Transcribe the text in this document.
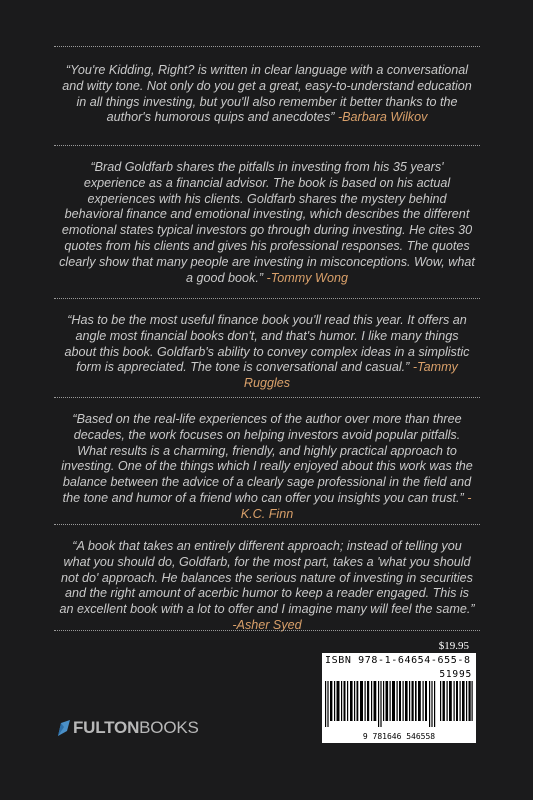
“You're Kidding, Right? is written in clear language with a conversational and witty tone. Not only do you get a great, easy-to-understand education in all things investing, but you'll also remember it better thanks to the author's humorous quips and anecdotes” -Barbara Wilkov
“Brad Goldfarb shares the pitfalls in investing from his 35 years' experience as a financial advisor. The book is based on his actual experiences with his clients. Goldfarb shares the mystery behind behavioral finance and emotional investing, which describes the different emotional states typical investors go through during investing. He cites 30 quotes from his clients and gives his professional responses. The quotes clearly show that many people are investing in misconceptions. Wow, what a good book.” -Tommy Wong
“Has to be the most useful finance book you'll read this year. It offers an angle most financial books don't, and that's humor. I like many things about this book. Goldfarb's ability to convey complex ideas in a simplistic form is appreciated. The tone is conversational and casual.” -Tammy Ruggles
“Based on the real-life experiences of the author over more than three decades, the work focuses on helping investors avoid popular pitfalls. What results is a charming, friendly, and highly practical approach to investing. One of the things which I really enjoyed about this work was the balance between the advice of a clearly sage professional in the field and the tone and humor of a friend who can offer you insights you can trust.” -K.C. Finn
“A book that takes an entirely different approach; instead of telling you what you should do, Goldfarb, for the most part, takes a 'what you should not do' approach. He balances the serious nature of investing in securities and the right amount of acerbic humor to keep a reader engaged. This is an excellent book with a lot to offer and I imagine many will feel the same.” -Asher Syed
$19.95
ISBN 978-1-64654-655-8
51995
9 781646 546558
FULTONBOOKS
